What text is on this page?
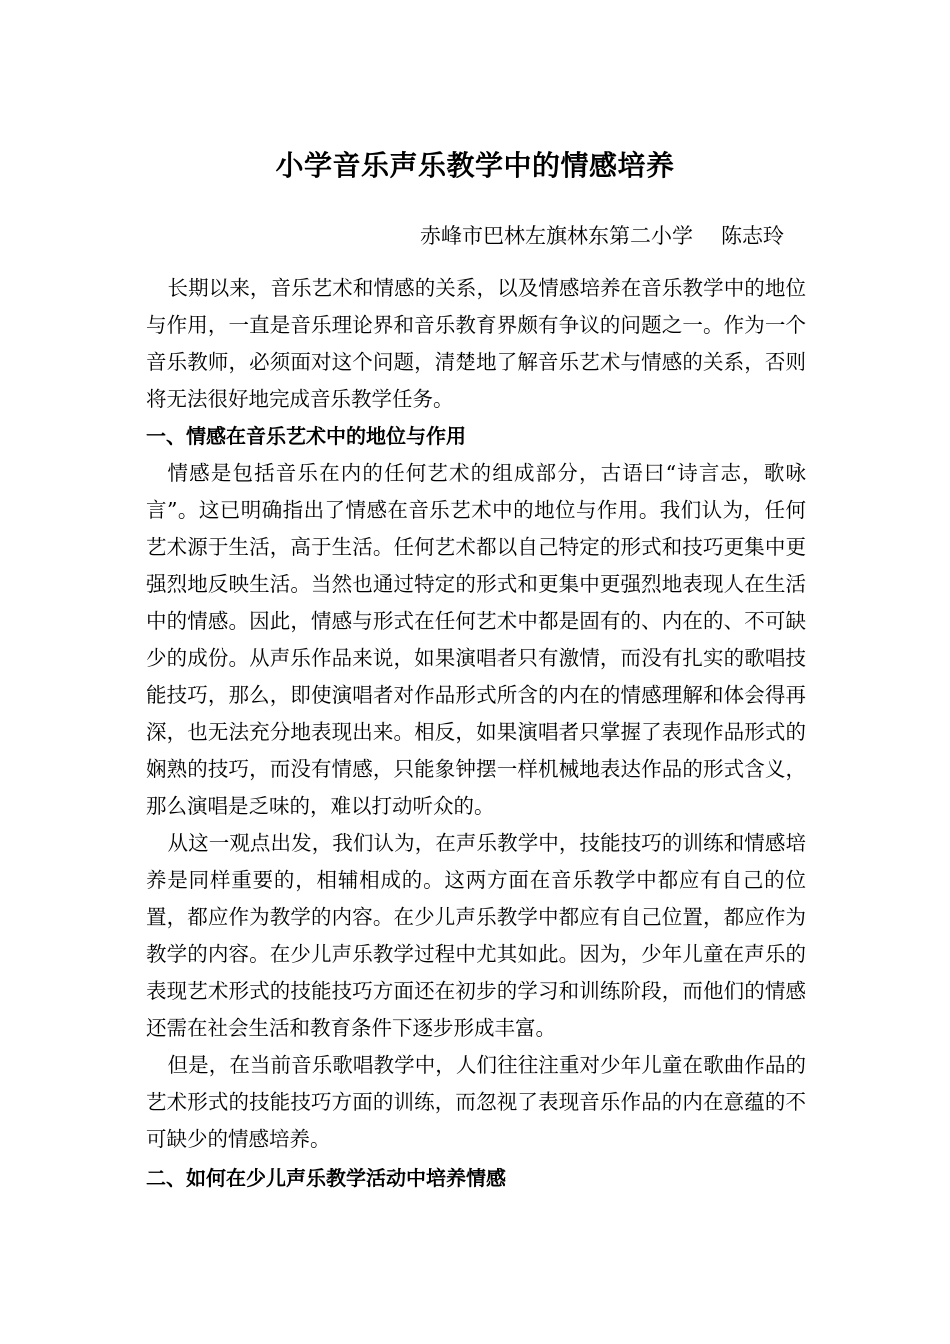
小学音乐声乐教学中的情感培养
赤峰市巴林左旗林东第二小学 陈志玲

长期以来，音乐艺术和情感的关系，以及情感培养在音乐教学中的地位与作用，一直是音乐理论界和音乐教育界颇有争议的问题之一。作为一个音乐教师，必须面对这个问题，清楚地了解音乐艺术与情感的关系，否则将无法很好地完成音乐教学任务。

一、情感在音乐艺术中的地位与作用

情感是包括音乐在内的任何艺术的组成部分，古语曰“诗言志，歌咏言”。这已明确指出了情感在音乐艺术中的地位与作用。我们认为，任何艺术源于生活，高于生活。任何艺术都以自己特定的形式和技巧更集中更强烈地反映生活。当然也通过特定的形式和更集中更强烈地表现人在生活中的情感。因此，情感与形式在任何艺术中都是固有的、内在的、不可缺少的成份。从声乐作品来说，如果演唱者只有激情，而没有扎实的歌唱技能技巧，那么，即使演唱者对作品形式所含的内在的情感理解和体会得再深，也无法充分地表现出来。相反，如果演唱者只掌握了表现作品形式的娴熟的技巧，而没有情感，只能象钟摆一样机械地表达作品的形式含义，那么演唱是乏味的，难以打动听众的。

从这一观点出发，我们认为，在声乐教学中，技能技巧的训练和情感培养是同样重要的，相辅相成的。这两方面在音乐教学中都应有自己的位置，都应作为教学的内容。在少儿声乐教学中都应有自己位置，都应作为教学的内容。在少儿声乐教学过程中尤其如此。因为，少年儿童在声乐的表现艺术形式的技能技巧方面还在初步的学习和训练阶段，而他们的情感还需在社会生活和教育条件下逐步形成丰富。

但是，在当前音乐歌唱教学中，人们往往注重对少年儿童在歌曲作品的艺术形式的技能技巧方面的训练，而忽视了表现音乐作品的内在意蕴的不可缺少的情感培养。

二、如何在少儿声乐教学活动中培养情感
